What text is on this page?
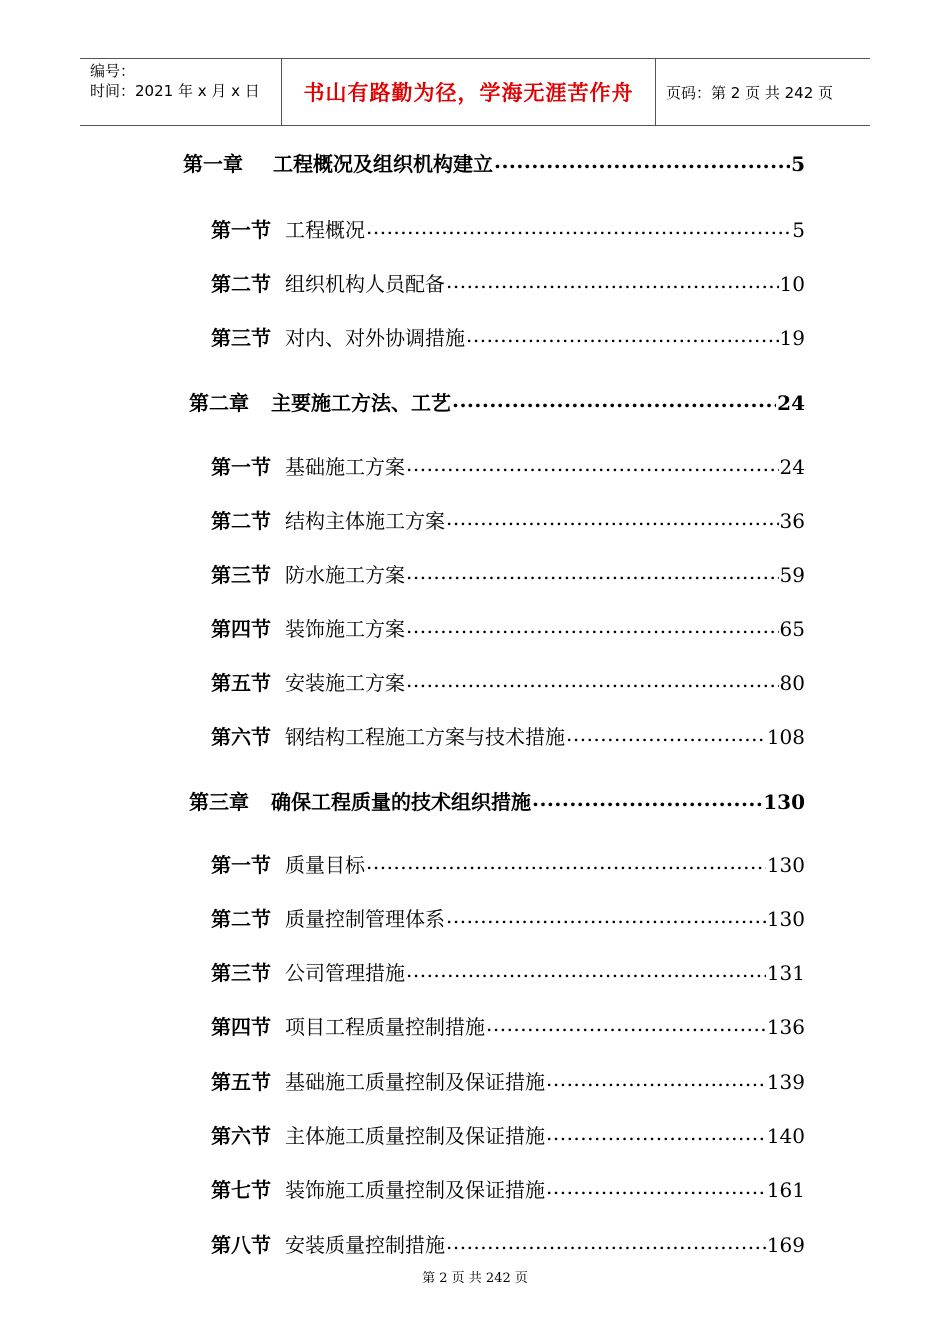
编号：
时间：2021 年 x 月 x 日	书山有路勤为径，学海无涯苦作舟	页码：第 2 页 共 242 页
第一章 工程概况及组织机构建立 .....	5
第一节 工程概况 .....	5
第二节 组织机构人员配备 .....	10
第三节 对内、对外协调措施 .....	19
第二章 主要施工方法、工艺 .....	24
第一节 基础施工方案 .....	24
第二节 结构主体施工方案 .....	36
第三节 防水施工方案 .....	59
第四节 装饰施工方案 .....	65
第五节 安装施工方案 .....	80
第六节 钢结构工程施工方案与技术措施 .....	108
第三章 确保工程质量的技术组织措施 .....	130
第一节 质量目标 .....	130
第二节 质量控制管理体系 .....	130
第三节 公司管理措施 .....	131
第四节 项目工程质量控制措施 .....	136
第五节 基础施工质量控制及保证措施 .....	139
第六节 主体施工质量控制及保证措施 .....	140
第七节 装饰施工质量控制及保证措施 .....	161
第八节 安装质量控制措施 .....	169
第 2 页 共 242 页
